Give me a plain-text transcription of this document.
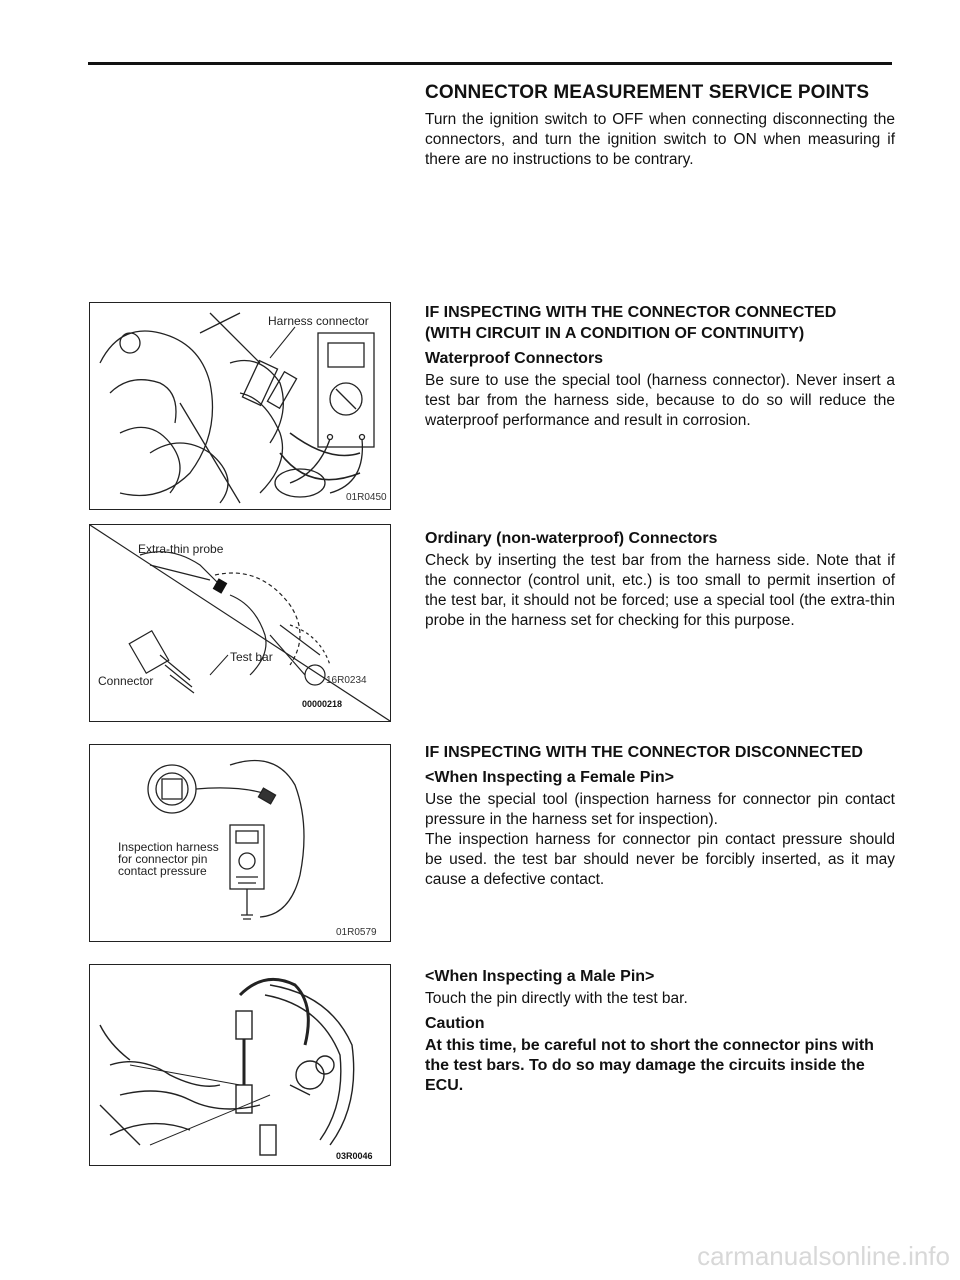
CONNECTOR MEASUREMENT SERVICE POINTS

Turn the ignition switch to OFF when connecting disconnecting the connectors, and turn the ignition switch to ON when measuring if there are no instructions to be contrary.

IF INSPECTING WITH THE CONNECTOR CONNECTED
(WITH CIRCUIT IN A CONDITION OF CONTINUITY)
Waterproof Connectors

Be sure to use the special tool (harness connector). Never insert a test bar from the harness side, because to do so will reduce the waterproof performance and result in corrosion.

Ordinary (non-waterproof) Connectors

Check by inserting the test bar from the harness side. Note that if the connector (control unit, etc.) is too small to permit insertion of the test bar, it should not be forced; use a special tool (the extra-thin probe in the harness set for checking for this purpose.

IF INSPECTING WITH THE CONNECTOR DISCONNECTED
<When Inspecting a Female Pin>

Use the special tool (inspection harness for connector pin contact pressure in the harness set for inspection).

The inspection harness for connector pin contact pressure should be used. the test bar should never be forcibly inserted, as it may cause a defective contact.

<When Inspecting a Male Pin>

Touch the pin directly with the test bar.

Caution
At this time, be careful not to short the connector pins with the test bars. To do so may damage the circuits inside the ECU.
Harness connector
01R0450
Extra-thin probe
Test bar
Connector	16R0234
00000218
Inspection harness
for connector pin
contact pressure
01R0579
03R0046
carmanualsonline.info
